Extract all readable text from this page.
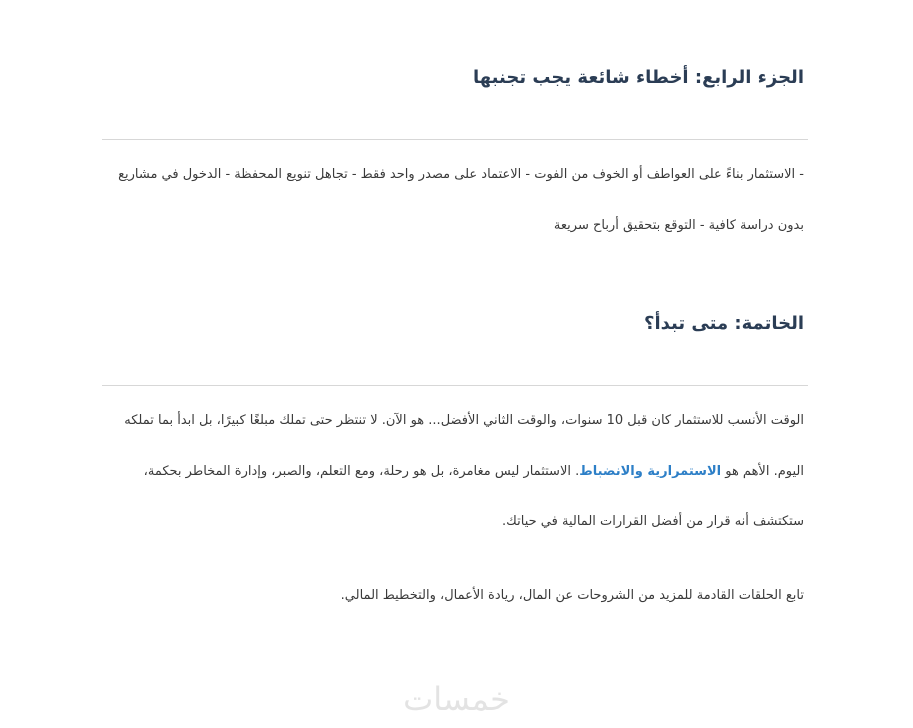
الجزء الرابع: أخطاء شائعة يجب تجنبها

- الاستثمار بناءً على العواطف أو الخوف من الفوت - الاعتماد على مصدر واحد فقط - تجاهل تنويع المحفظة - الدخول في مشاريع

بدون دراسة كافية - التوقع بتحقيق أرباح سريعة

الخاتمة: متى تبدأ؟

الوقت الأنسب للاستثمار كان قبل 10 سنوات، والوقت الثاني الأفضل... هو الآن. لا تنتظر حتى تملك مبلغًا كبيرًا، بل ابدأ بما تملكه

اليوم. الأهم هو الاستمرارية والانضباط. الاستثمار ليس مغامرة، بل هو رحلة، ومع التعلم، والصبر، وإدارة المخاطر بحكمة،

ستكتشف أنه قرار من أفضل القرارات المالية في حياتك.

تابع الحلقات القادمة للمزيد من الشروحات عن المال، ريادة الأعمال، والتخطيط المالي.

خمسات
